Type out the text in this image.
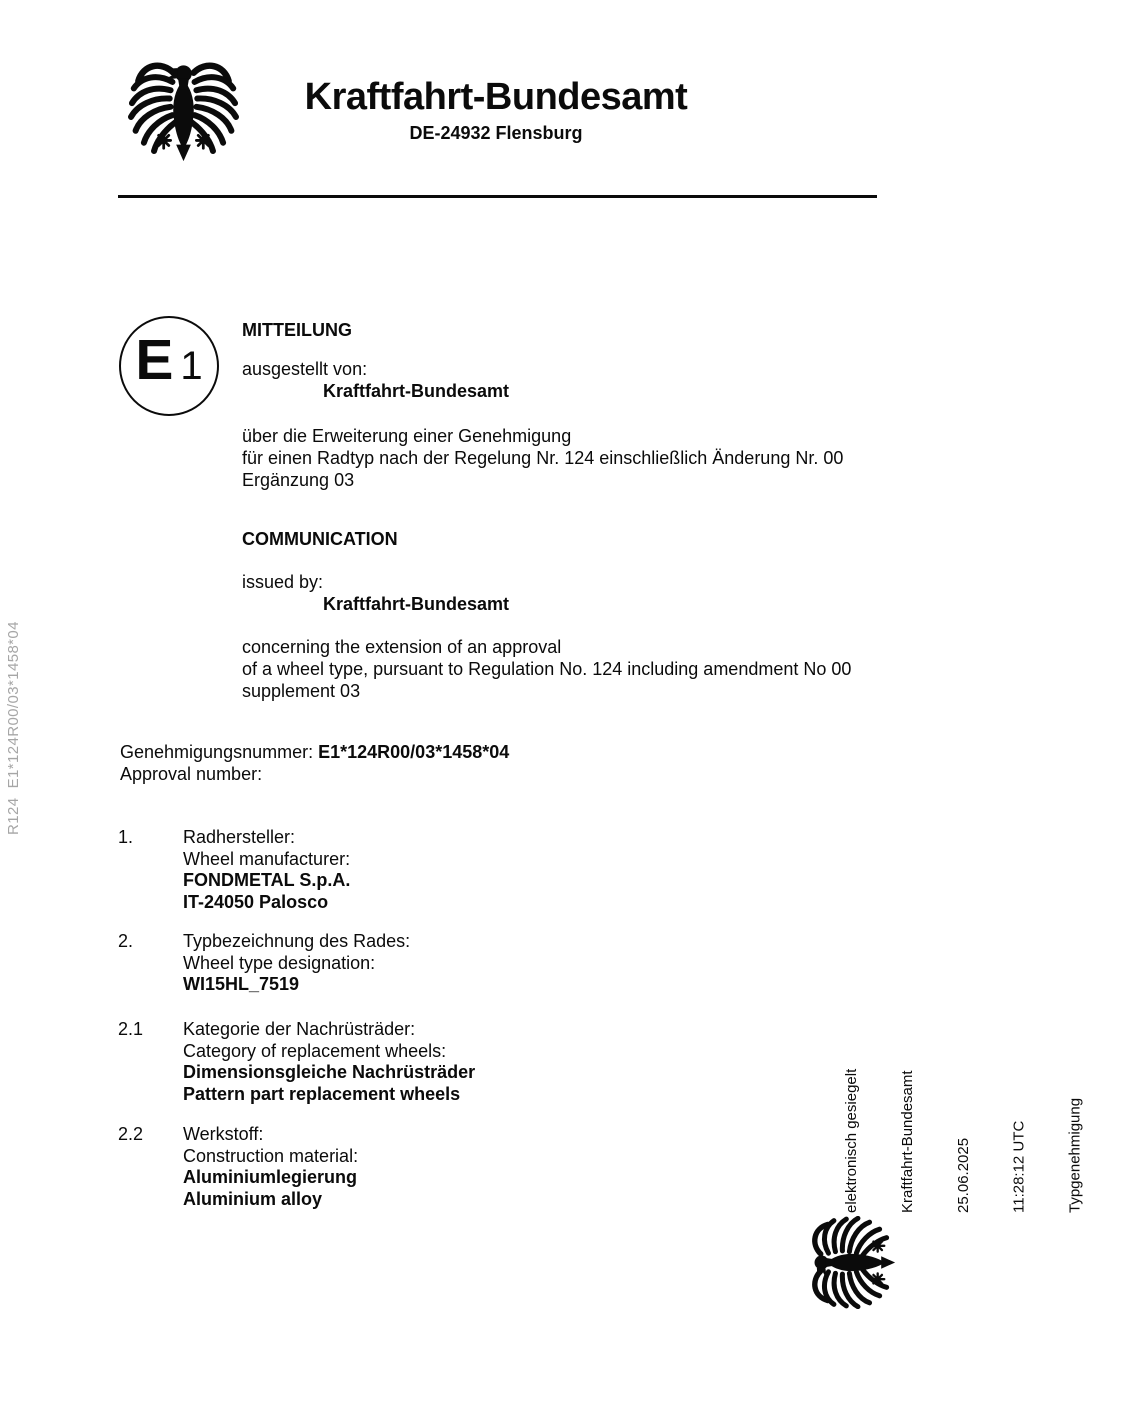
Kraftfahrt-Bundesamt
DE-24932 Flensburg
E 1
MITTEILUNG
ausgestellt von:
Kraftfahrt-Bundesamt
über die Erweiterung einer Genehmigung
für einen Radtyp nach der Regelung Nr. 124 einschließlich Änderung Nr. 00
Ergänzung 03
COMMUNICATION
issued by:
Kraftfahrt-Bundesamt
concerning the extension of an approval
of a wheel type, pursuant to Regulation No. 124 including amendment No 00
supplement 03
Genehmigungsnummer: E1*124R00/03*1458*04
Approval number:
1.	Radhersteller:
Wheel manufacturer:
FONDMETAL S.p.A.
IT-24050 Palosco
2.	Typbezeichnung des Rades:
Wheel type designation:
WI15HL_7519
2.1 Kategorie der Nachrüsträder:
Category of replacement wheels:
Dimensionsgleiche Nachrüsträder
Pattern part replacement wheels
2.2 Werkstoff:
Construction material:
Aluminiumlegierung
Aluminium alloy
R124  E1*124R00/03*1458*04

elektronisch gesiegelt

	Kraftfahrt-Bundesamt

	25.06.2025

	11:28:12 UTC

	Typgenehmigung
